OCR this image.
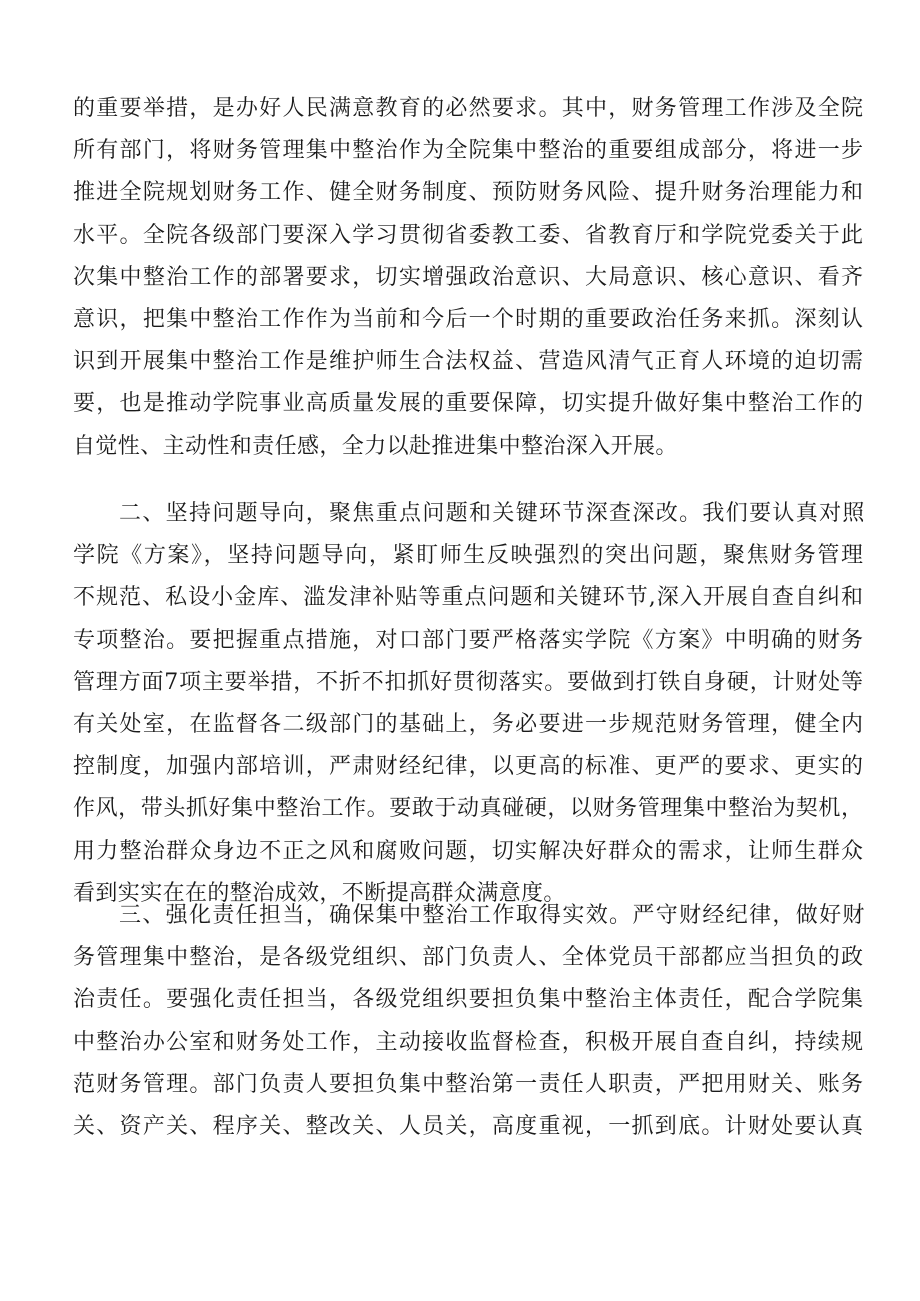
的重要举措，是办好人民满意教育的必然要求。其中，财务管理工作涉及全院
所有部门，将财务管理集中整治作为全院集中整治的重要组成部分，将进一步
推进全院规划财务工作、健全财务制度、预防财务风险、提升财务治理能力和
水平。全院各级部门要深入学习贯彻省委教工委、省教育厅和学院党委关于此
次集中整治工作的部署要求，切实增强政治意识、大局意识、核心意识、看齐
意识，把集中整治工作作为当前和今后一个时期的重要政治任务来抓。深刻认
识到开展集中整治工作是维护师生合法权益、营造风清气正育人环境的迫切需
要，也是推动学院事业高质量发展的重要保障，切实提升做好集中整治工作的
自觉性、主动性和责任感，全力以赴推进集中整治深入开展。
二、坚持问题导向，聚焦重点问题和关键环节深查深改。我们要认真对照
学院《方案》，坚持问题导向，紧盯师生反映强烈的突出问题，聚焦财务管理
不规范、私设小金库、滥发津补贴等重点问题和关键环节,深入开展自查自纠和
专项整治。要把握重点措施，对口部门要严格落实学院《方案》中明确的财务
管理方面7项主要举措，不折不扣抓好贯彻落实。要做到打铁自身硬，计财处等
有关处室，在监督各二级部门的基础上，务必要进一步规范财务管理，健全内
控制度，加强内部培训，严肃财经纪律，以更高的标准、更严的要求、更实的
作风，带头抓好集中整治工作。要敢于动真碰硬，以财务管理集中整治为契机，
用力整治群众身边不正之风和腐败问题，切实解决好群众的需求，让师生群众
看到实实在在的整治成效，不断提高群众满意度。
三、强化责任担当，确保集中整治工作取得实效。严守财经纪律，做好财
务管理集中整治，是各级党组织、部门负责人、全体党员干部都应当担负的政
治责任。要强化责任担当，各级党组织要担负集中整治主体责任，配合学院集
中整治办公室和财务处工作，主动接收监督检查，积极开展自查自纠，持续规
范财务管理。部门负责人要担负集中整治第一责任人职责，严把用财关、账务
关、资产关、程序关、整改关、人员关，高度重视，一抓到底。计财处要认真
